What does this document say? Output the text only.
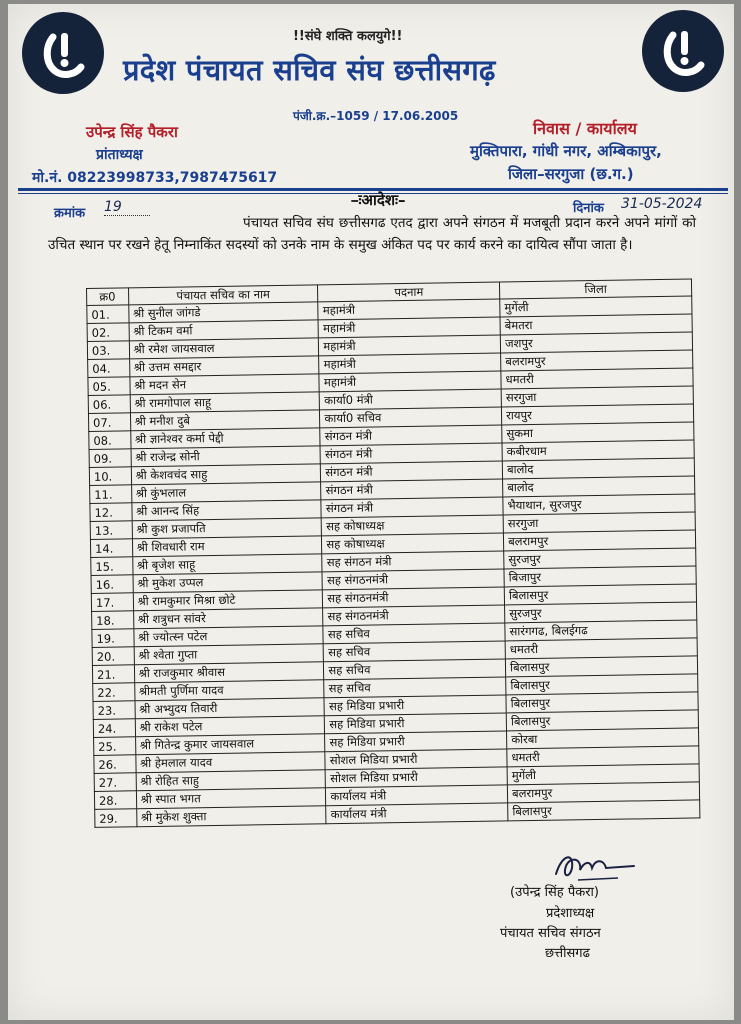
!!संघे शक्ति कलयुगे!!
प्रदेश पंचायत सचिव संघ छत्तीसगढ़
पंजी.क्र.–1059 / 17.06.2005
उपेन्द्र सिंह पैकरा
प्रांताध्यक्ष
मो.नं. 08223998733,7987475617
निवास / कार्यालय
मुक्तिपारा, गांधी नगर, अम्बिकापुर,
जिला–सरगुजा (छ.ग.)
–ःआदेशः–
क्रमांक 19	दिनांक 31-05-2024
पंचायत सचिव संघ छत्तीसगढ एतद द्वारा अपने संगठन में मजबूती प्रदान करने अपने मांगों को उचित स्थान पर रखने हेतू निम्नाकिंत सदस्यों को उनके नाम के समुख अंकित पद पर कार्य करने का दायित्व सौंपा जाता है।
क्र0	पंचायत सचिव का नाम	पदनाम	जिला
01.	श्री सुनील जांगडे	महामंत्री	मुगेंली
02.	श्री टिकम वर्मा	महामंत्री	बेमतरा
03.	श्री रमेश जायसवाल	महामंत्री	जशपुर
04.	श्री उत्तम समद्दार	महामंत्री	बलरामपुर
05.	श्री मदन सेन	महामंत्री	धमतरी
06.	श्री रामगोपाल साहू	कार्या0 मंत्री	सरगुजा
07.	श्री मनीश दुबे	कार्या0 सचिव	रायपुर
08.	श्री ज्ञानेश्वर कर्मा पेद्दी	संगठन मंत्री	सुकमा
09.	श्री राजेन्द्र सोनी	संगठन मंत्री	कबीरधाम
10.	श्री केशवचंद साहु	संगठन मंत्री	बालोद
11.	श्री कुंभलाल	संगठन मंत्री	बालोद
12.	श्री आनन्द सिंह	संगठन मंत्री	भैयाथान, सुरजपुर
13.	श्री कुश प्रजापति	सह कोषाध्यक्ष	सरगुजा
14.	श्री शिवधारी राम	सह कोषाध्यक्ष	बलरामपुर
15.	श्री बृजेश साहू	सह संगठन मंत्री	सुरजपुर
16.	श्री मुकेश उप्पल	सह संगठनमंत्री	बिजापुर
17.	श्री रामकुमार मिश्रा छोटे	सह संगठनमंत्री	बिलासपुर
18.	श्री शत्रुधन सांवरे	सह संगठनमंत्री	सुरजपुर
19.	श्री ज्योत्स्न पटेल	सह सचिव	सारंगगढ, बिलईगढ
20.	श्री श्वेता गुप्ता	सह सचिव	धमतरी
21.	श्री राजकुमार श्रीवास	सह सचिव	बिलासपुर
22.	श्रीमती पुर्णिमा यादव	सह सचिव	बिलासपुर
23.	श्री अभ्युदय तिवारी	सह मिडिया प्रभारी	बिलासपुर
24.	श्री राकेश पटेल	सह मिडिया प्रभारी	बिलासपुर
25.	श्री गितेन्द्र कुमार जायसवाल	सह मिडिया प्रभारी	कोरबा
26.	श्री हेमलाल यादव	सोशल मिडिया प्रभारी	धमतरी
27.	श्री रोहित साहु	सोशल मिडिया प्रभारी	मुगेंली
28.	श्री स्पात भगत	कार्यालय मंत्री	बलरामपुर
29.	श्री मुकेश शुक्ता	कार्यालय मंत्री	बिलासपुर
(उपेन्द्र सिंह पैकरा)
प्रदेशाध्यक्ष
पंचायत सचिव संगठन
छत्तीसगढ
